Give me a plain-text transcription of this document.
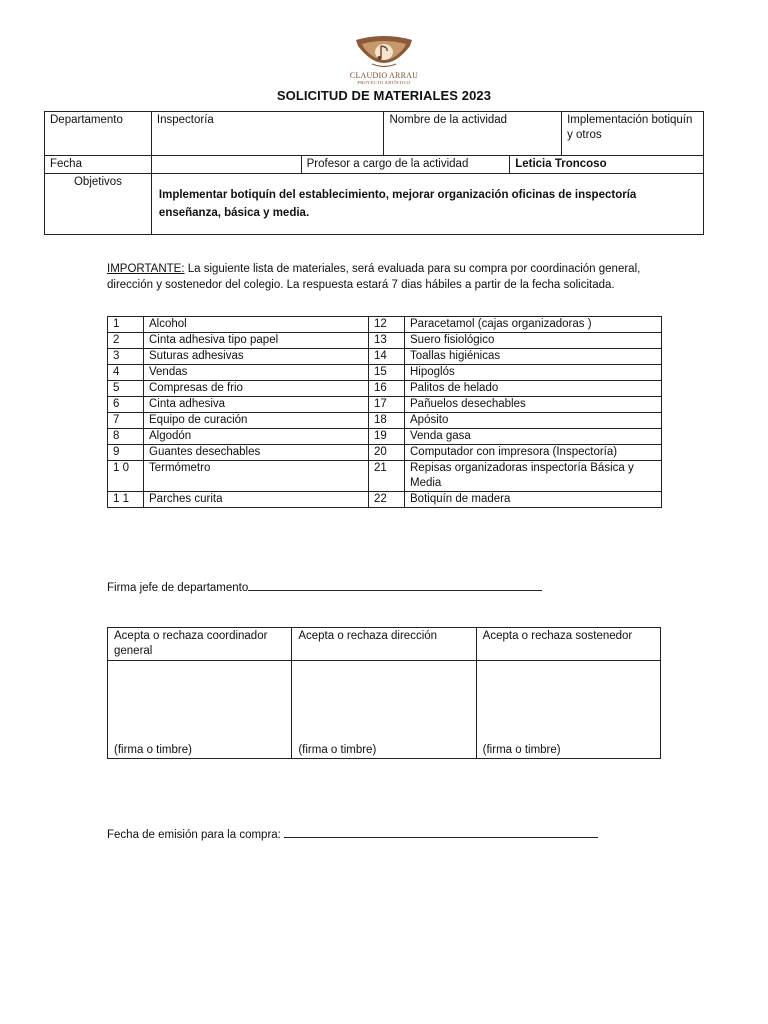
CLAUDIO ARRAU
PROYECTO ARTÍSTICO
SOLICITUD DE MATERIALES 2023
Departamento	Inspectoría		Nombre de la actividad		Implementación botiquín y otros
Fecha		Profesor a cargo de la actividad		Leticia Troncoso	
Objetivos	Implementar botiquín del establecimiento, mejorar organización oficinas de inspectoría enseñanza, básica y media.				
IMPORTANTE: La siguiente lista de materiales, será evaluada para su compra por coordinación general, dirección y sostenedor del colegio. La respuesta estará 7 dias hábiles a partir de la fecha solicitada.
1	Alcohol	12	Paracetamol (cajas organizadoras )
2	Cinta adhesiva tipo papel	13	Suero fisiológico
3	Suturas adhesivas	14	Toallas higiénicas
4	Vendas	15	Hipoglós
5	Compresas de frio	16	Palitos de helado
6	Cinta adhesiva	17	Pañuelos desechables
7	Equipo de curación	18	Apósito
8	Algodón	19	Venda gasa
9	Guantes desechables	20	Computador con impresora (Inspectoría)
1 0	Termómetro	21	Repisas organizadoras inspectoría Básica y Media
1 1	Parches curita	22	Botiquín de madera
Firma jefe de departamento
Acepta o rechaza coordinador general	Acepta o rechaza dirección	Acepta o rechaza sostenedor
(firma o timbre)	(firma o timbre)	(firma o timbre)
Fecha de emisión para la compra:
